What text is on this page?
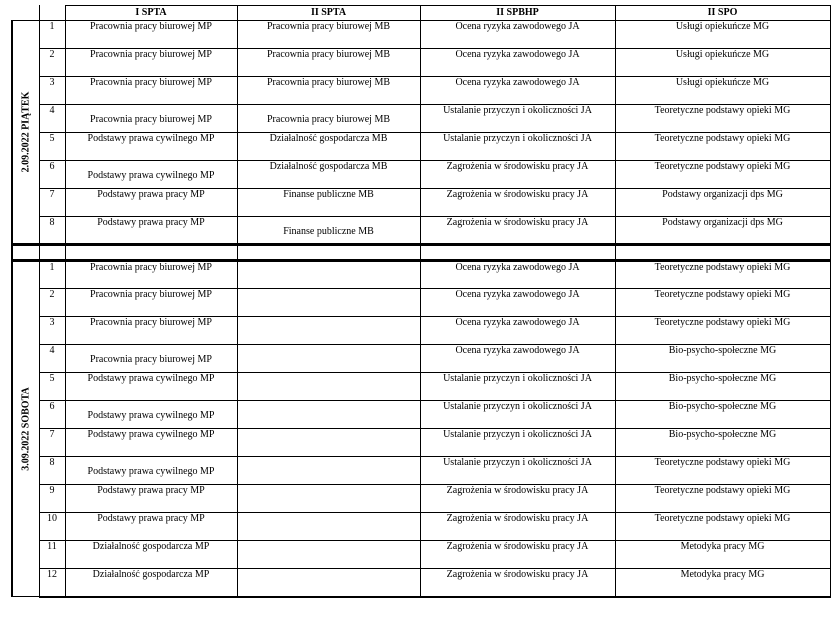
		I SPTA	II SPTA	II SPBHP	II SPO

2.09.2022 PIĄTEK	1	Pracownia pracy biurowej MP	Pracownia pracy biurowej MB	Ocena ryzyka zawodowego JA	Usługi opiekuńcze MG
	2	Pracownia pracy biurowej MP	Pracownia pracy biurowej MB	Ocena ryzyka zawodowego JA	Usługi opiekuńcze MG
	3	Pracownia pracy biurowej MP	Pracownia pracy biurowej MB	Ocena ryzyka zawodowego JA	Usługi opiekuńcze MG
	4	Pracownia pracy biurowej MP	Pracownia pracy biurowej MB	Ustalanie przyczyn i okoliczności JA	Teoretyczne podstawy opieki MG
	5	Podstawy prawa cywilnego MP	Działalność gospodarcza MB	Ustalanie przyczyn i okoliczności JA	Teoretyczne podstawy opieki MG
	6	Podstawy prawa cywilnego MP	Działalność gospodarcza MB	Zagrożenia w środowisku pracy JA	Teoretyczne podstawy opieki MG
	7	Podstawy prawa pracy MP	Finanse publiczne MB	Zagrożenia w środowisku pracy JA	Podstawy organizacji dps MG
	8	Podstawy prawa pracy MP	Finanse publiczne MB	Zagrożenia w środowisku pracy JA	Podstawy organizacji dps MG

3.09.2022 SOBOTA	1	Pracownia pracy biurowej MP		Ocena ryzyka zawodowego JA	Teoretyczne podstawy opieki MG
	2	Pracownia pracy biurowej MP		Ocena ryzyka zawodowego JA	Teoretyczne podstawy opieki MG
	3	Pracownia pracy biurowej MP		Ocena ryzyka zawodowego JA	Teoretyczne podstawy opieki MG
	4	Pracownia pracy biurowej MP		Ocena ryzyka zawodowego JA	Bio-psycho-społeczne MG
	5	Podstawy prawa cywilnego MP		Ustalanie przyczyn i okoliczności JA	Bio-psycho-społeczne MG
	6	Podstawy prawa cywilnego MP		Ustalanie przyczyn i okoliczności JA	Bio-psycho-społeczne MG
	7	Podstawy prawa cywilnego MP		Ustalanie przyczyn i okoliczności JA	Bio-psycho-społeczne MG
	8	Podstawy prawa cywilnego MP		Ustalanie przyczyn i okoliczności JA	Teoretyczne podstawy opieki MG
	9	Podstawy prawa pracy MP		Zagrożenia w środowisku pracy JA	Teoretyczne podstawy opieki MG
	10	Podstawy prawa pracy MP		Zagrożenia w środowisku pracy JA	Teoretyczne podstawy opieki MG
	11	Działalność gospodarcza MP		Zagrożenia w środowisku pracy JA	Metodyka pracy MG
	12	Działalność gospodarcza MP		Zagrożenia w środowisku pracy JA	Metodyka pracy MG
